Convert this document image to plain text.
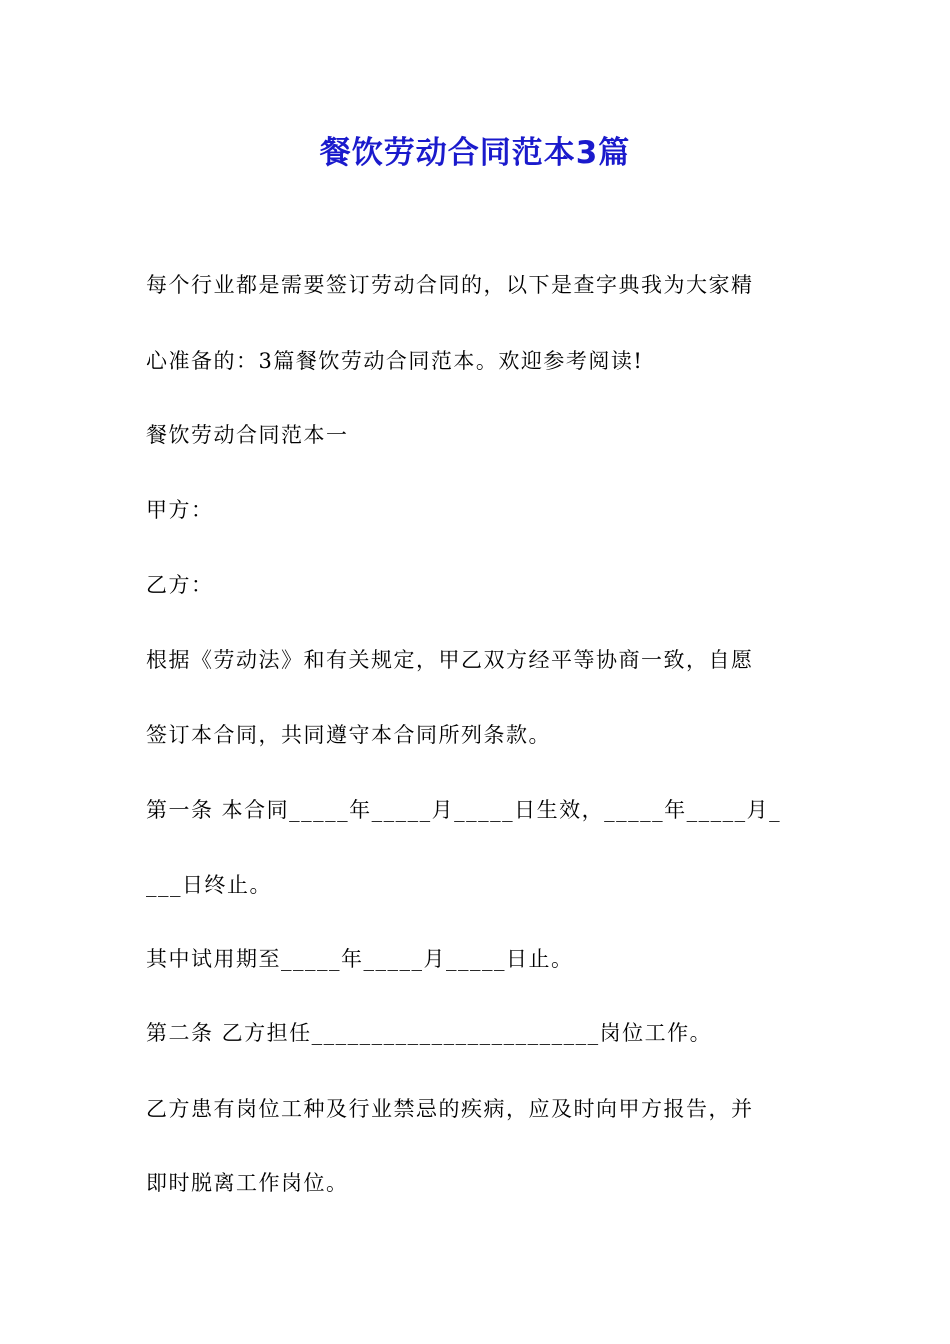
餐饮劳动合同范本3篇
每个行业都是需要签订劳动合同的，以下是查字典我为大家精
心准备的：3篇餐饮劳动合同范本。欢迎参考阅读!
餐饮劳动合同范本一
甲方：
乙方：
根据《劳动法》和有关规定，甲乙双方经平等协商一致，自愿
签订本合同，共同遵守本合同所列条款。
第一条 本合同_____年_____月_____日生效，_____年_____月_
___日终止。
其中试用期至_____年_____月_____日止。
第二条 乙方担任________________________岗位工作。
乙方患有岗位工种及行业禁忌的疾病，应及时向甲方报告，并
即时脱离工作岗位。
